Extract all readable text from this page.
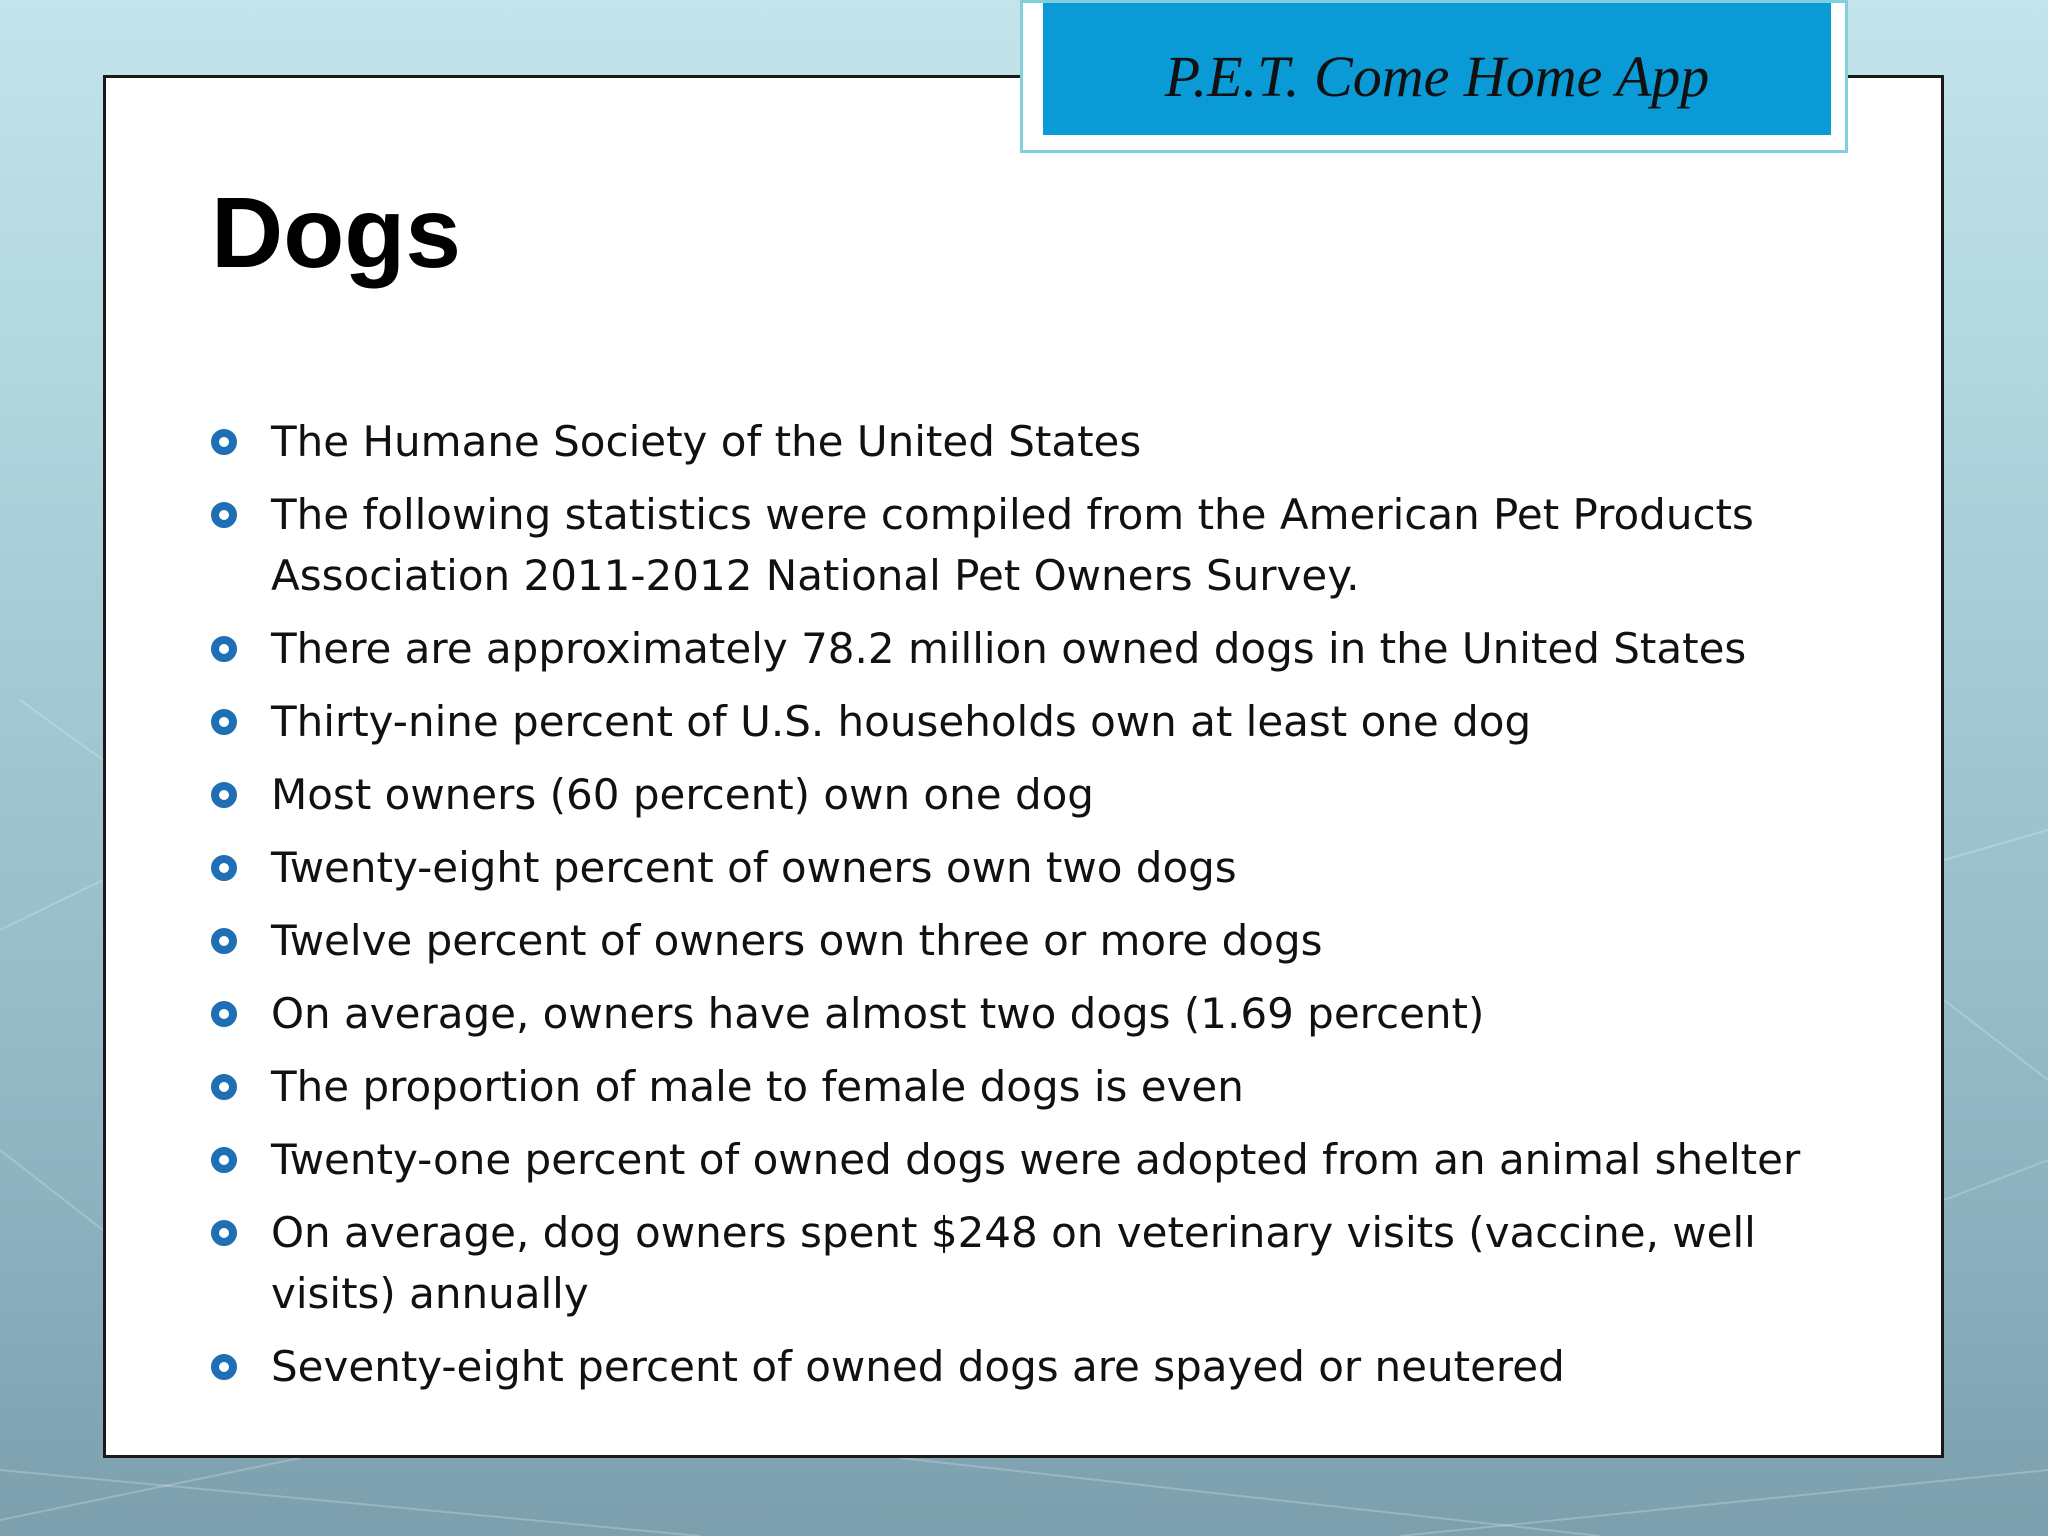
Dogs
The Humane Society of the United States
The following statistics were compiled from the American Pet Products Association 2011-2012 National Pet Owners Survey.
There are approximately 78.2 million owned dogs in the United States
Thirty-nine percent of U.S. households own at least one dog
Most owners (60 percent) own one dog
Twenty-eight percent of owners own two dogs
Twelve percent of owners own three or more dogs
On average, owners have almost two dogs (1.69 percent)
The proportion of male to female dogs is even
Twenty-one percent of owned dogs were adopted from an animal shelter
On average, dog owners spent $248 on veterinary visits (vaccine, well visits) annually
Seventy-eight percent of owned dogs are spayed or neutered
P.E.T. Come Home App
